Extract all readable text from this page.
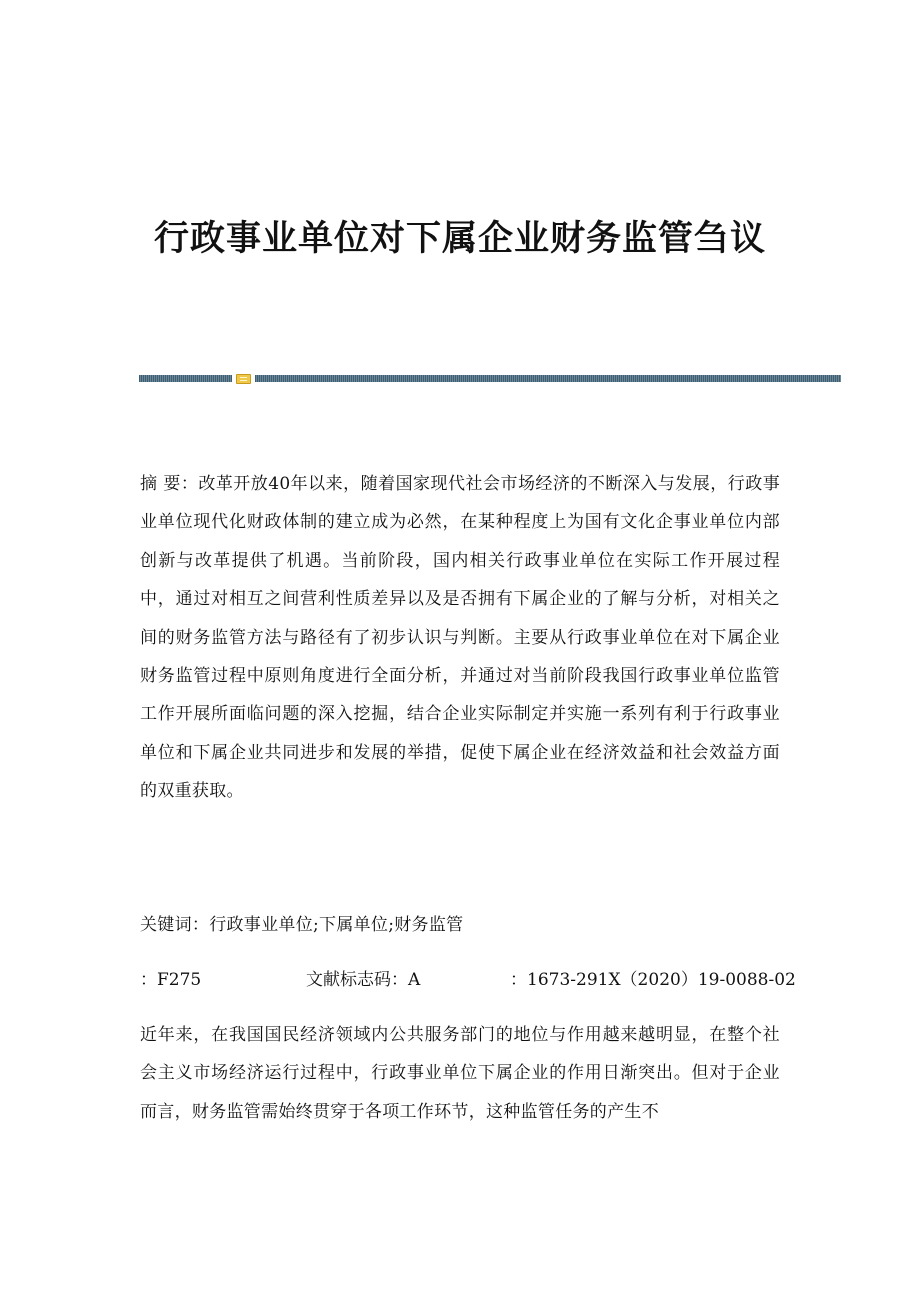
行政事业单位对下属企业财务监管刍议

摘 要：改革开放40年以来，随着国家现代社会市场经济的不断深入与发展，行政事业单位现代化财政体制的建立成为必然，在某种程度上为国有文化企事业单位内部创新与改革提供了机遇。当前阶段，国内相关行政事业单位在实际工作开展过程中，通过对相互之间营利性质差异以及是否拥有下属企业的了解与分析，对相关之间的财务监管方法与路径有了初步认识与判断。主要从行政事业单位在对下属企业财务监管过程中原则角度进行全面分析，并通过对当前阶段我国行政事业单位监管工作开展所面临问题的深入挖掘，结合企业实际制定并实施一系列有利于行政事业单位和下属企业共同进步和发展的举措，促使下属企业在经济效益和社会效益方面的双重获取。

关键词：行政事业单位;下属单位;财务监管

：F275	文献标志码：A	：1673-291X（2020）19-0088-02

近年来，在我国国民经济领域内公共服务部门的地位与作用越来越明显，在整个社会主义市场经济运行过程中，行政事业单位下属企业的作用日渐突出。但对于企业而言，财务监管需始终贯穿于各项工作环节，这种监管任务的产生不
